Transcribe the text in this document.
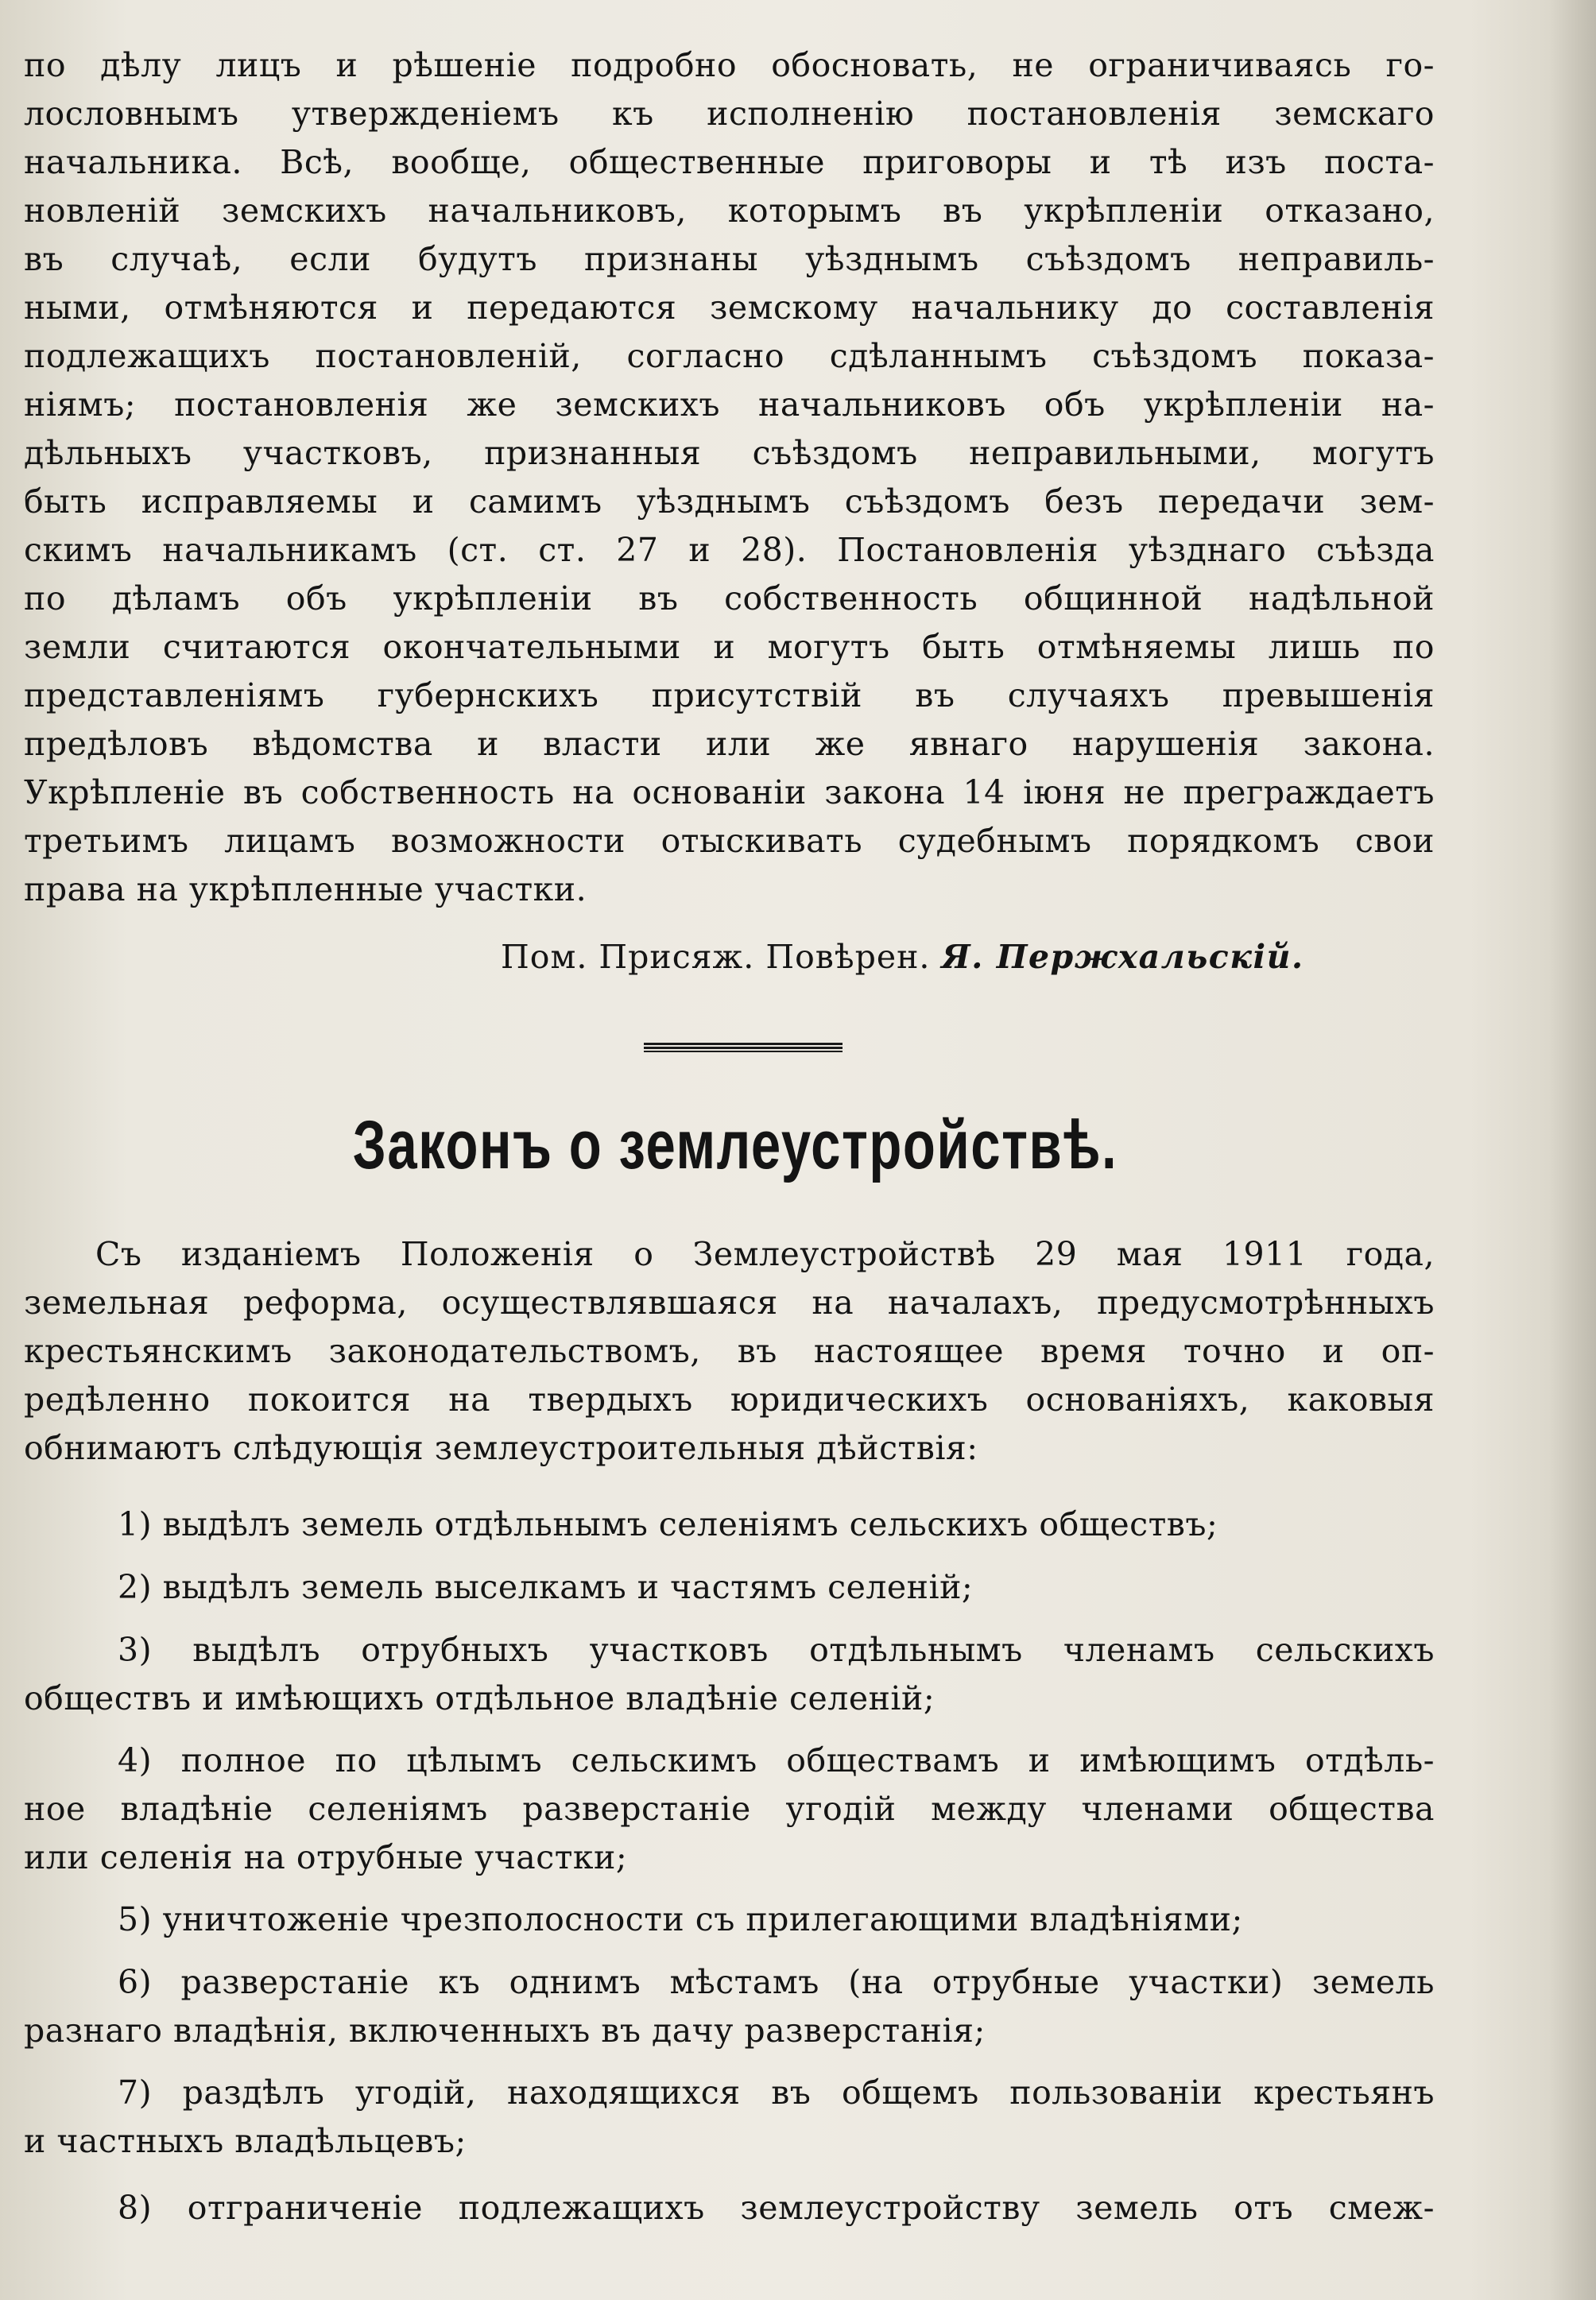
по дѣлу лицъ и рѣшеніе подробно обосновать, не ограничиваясь го-
лословнымъ утвержденіемъ къ исполненію постановленія земскаго
начальника. Всѣ, вообще, общественные приговоры и тѣ изъ поста-
новленій земскихъ начальниковъ, которымъ въ укрѣпленіи отказано,
въ случаѣ, если будутъ признаны уѣзднымъ съѣздомъ неправиль-
ными, отмѣняются и передаются земскому начальнику до составленія
подлежащихъ постановленій, согласно сдѣланнымъ съѣздомъ показа-
ніямъ; постановленія же земскихъ начальниковъ объ укрѣпленіи на-
дѣльныхъ участковъ, признанныя съѣздомъ неправильными, могутъ
быть исправляемы и самимъ уѣзднымъ съѣздомъ безъ передачи зем-
скимъ начальникамъ (ст. ст. 27 и 28). Постановленія уѣзднаго съѣзда
по дѣламъ объ укрѣпленіи въ собственность общинной надѣльной
земли считаются окончательными и могутъ быть отмѣняемы лишь по
представленіямъ губернскихъ присутствій въ случаяхъ превышенія
предѣловъ вѣдомства и власти или же явнаго нарушенія закона.
Укрѣпленіе въ собственность на основаніи закона 14 іюня не преграждаетъ
третьимъ лицамъ возможности отыскивать судебнымъ порядкомъ свои
права на укрѣпленные участки.
Пом. Присяж. Повѣрен. Я. Пержхальскій.
Законъ о землеустройствѣ.
Съ изданіемъ Положенія о Землеустройствѣ 29 мая 1911 года,
земельная реформа, осуществлявшаяся на началахъ, предусмотрѣнныхъ
крестьянскимъ законодательствомъ, въ настоящее время точно и оп-
редѣленно покоится на твердыхъ юридическихъ основаніяхъ, каковыя
обнимаютъ слѣдующія землеустроительныя дѣйствія:
1) выдѣлъ земель отдѣльнымъ селеніямъ сельскихъ обществъ;
2) выдѣлъ земель выселкамъ и частямъ селеній;
3) выдѣлъ отрубныхъ участковъ отдѣльнымъ членамъ сельскихъ
обществъ и имѣющихъ отдѣльное владѣніе селеній;
4) полное по цѣлымъ сельскимъ обществамъ и имѣющимъ отдѣль-
ное владѣніе селеніямъ разверстаніе угодій между членами общества
или селенія на отрубные участки;
5) уничтоженіе чрезполосности съ прилегающими владѣніями;
6) разверстаніе къ однимъ мѣстамъ (на отрубные участки) земель
разнаго владѣнія, включенныхъ въ дачу разверстанія;
7) раздѣлъ угодій, находящихся въ общемъ пользованіи крестьянъ
и частныхъ владѣльцевъ;
8) отграниченіе подлежащихъ землеустройству земель отъ смеж-
